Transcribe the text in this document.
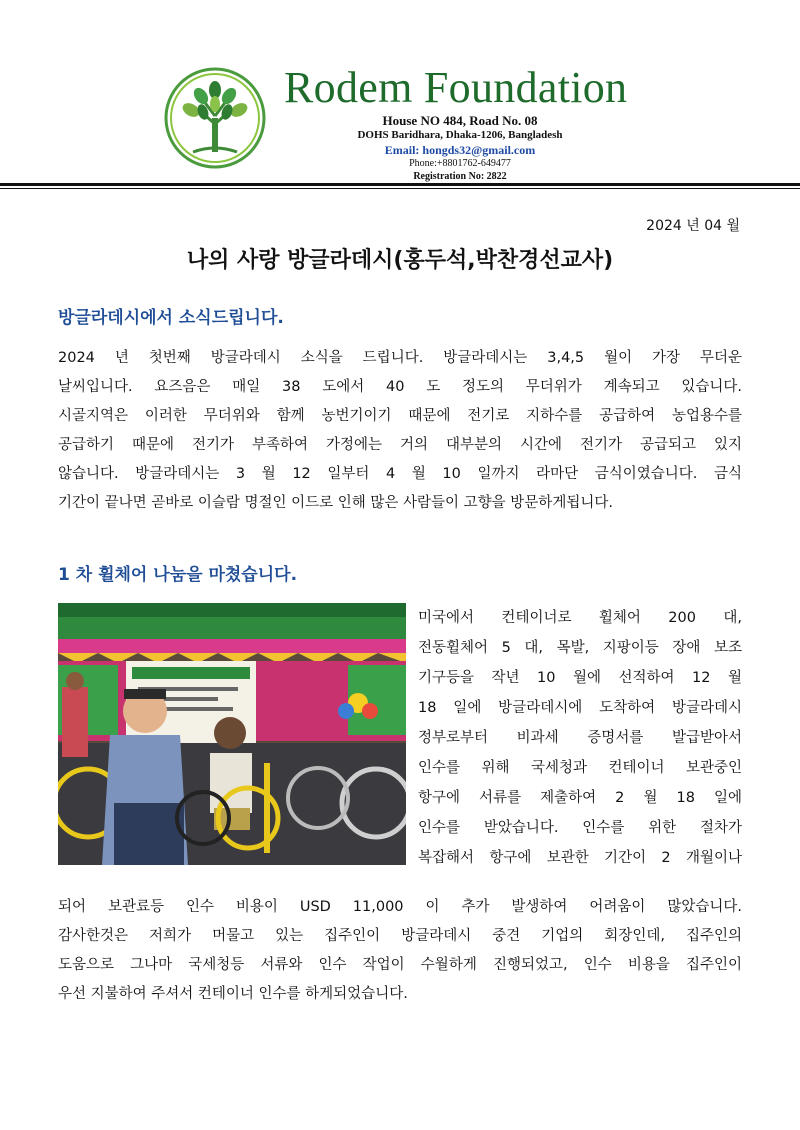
Rodem Foundation
House NO 484, Road No. 08
DOHS Baridhara, Dhaka-1206, Bangladesh
Email: hongds32@gmail.com
Phone:+8801762-649477
Registration No: 2822
2024 년 04 월
나의 사랑 방글라데시(홍두석,박찬경선교사)
방글라데시에서 소식드립니다.
2024 년 첫번째 방글라데시 소식을 드립니다. 방글라데시는 3,4,5 월이 가장 무더운
날씨입니다. 요즈음은 매일 38 도에서 40 도 정도의 무더위가 계속되고 있습니다.
시골지역은 이러한 무더위와 함께 농번기이기 때문에 전기로 지하수를 공급하여 농업용수를
공급하기 때문에 전기가 부족하여 가정에는 거의 대부분의 시간에 전기가 공급되고 있지
않습니다. 방글라데시는 3 월 12 일부터 4 월 10 일까지 라마단 금식이였습니다. 금식
기간이 끝나면 곧바로 이슬람 명절인 이드로 인해 많은 사람들이 고향을 방문하게됩니다.
1 차 휠체어 나눔을 마쳤습니다.
미국에서 컨테이너로 휠체어 200 대,
전동휠체어 5 대, 목발, 지팡이등 장애 보조
기구등을 작년 10 월에 선적하여 12 월
18 일에 방글라데시에 도착하여 방글라데시
정부로부터 비과세 증명서를 발급받아서
인수를 위해 국세청과 컨테이너 보관중인
항구에 서류를 제출하여 2 월 18 일에
인수를 받았습니다. 인수를 위한 절차가
복잡해서 항구에 보관한 기간이 2 개월이나
되어 보관료등 인수 비용이 USD 11,000 이 추가 발생하여 어려움이 많았습니다.
감사한것은 저희가 머물고 있는 집주인이 방글라데시 중견 기업의 회장인데, 집주인의
도움으로 그나마 국세청등 서류와 인수 작업이 수월하게 진행되었고, 인수 비용을 집주인이
우선 지불하여 주셔서 컨테이너 인수를 하게되었습니다.
